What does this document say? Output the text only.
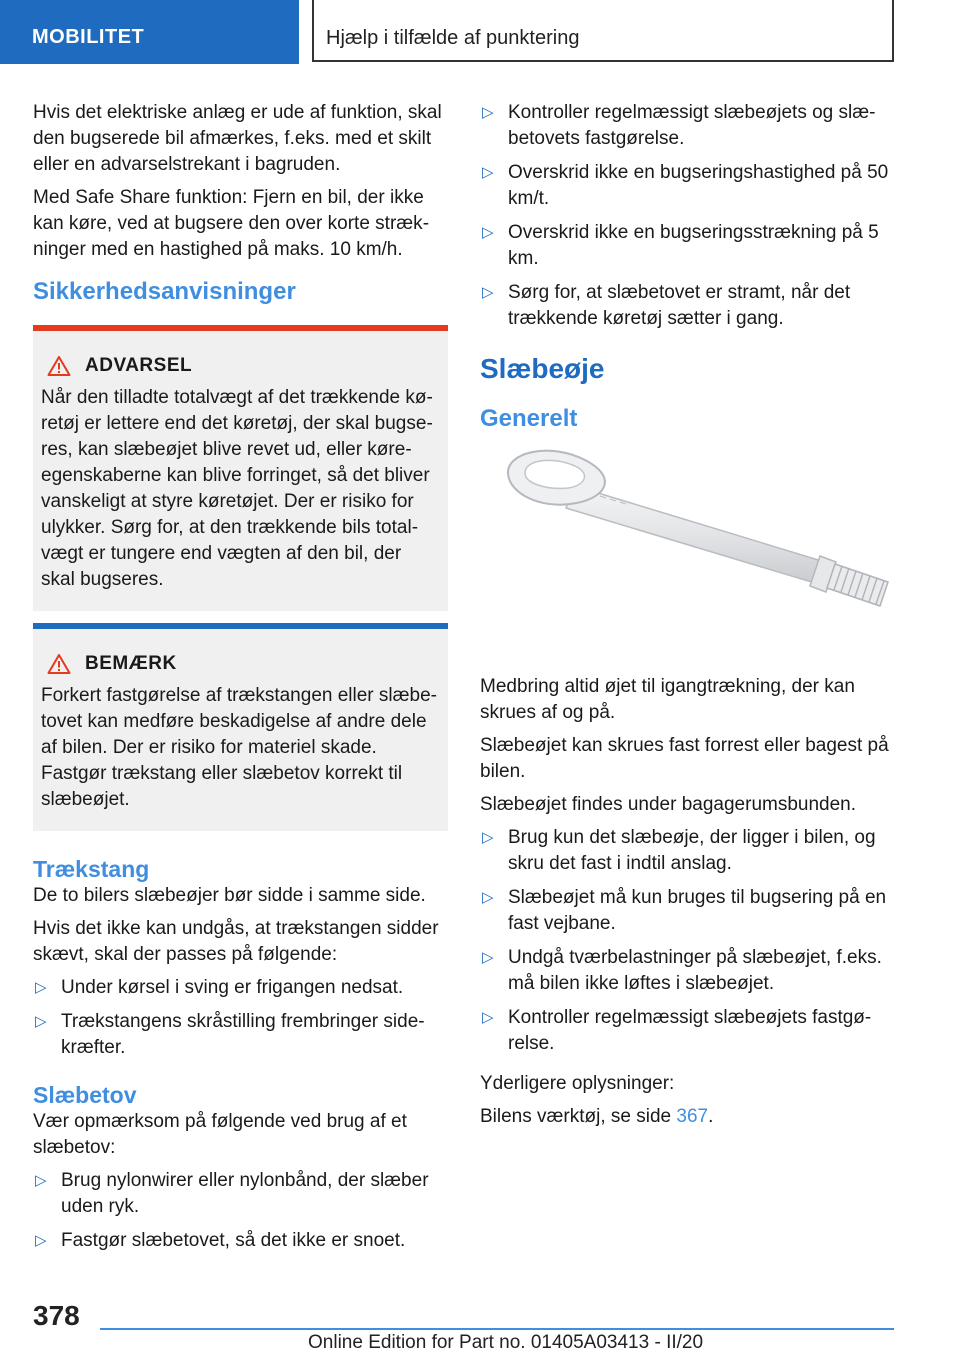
MOBILITET	Hjælp i tilfælde af punktering

Hvis det elektriske anlæg er ude af funktion, skal den bugserede bil afmærkes, f.eks. med et skilt eller en advarselstrekant i bagruden.

Med Safe Share funktion: Fjern en bil, der ikke kan køre, ved at bugsere den over korte strækninger med en hastighed på maks. 10 km/h.

Sikkerhedsanvisninger
ADVARSEL

Når den tilladte totalvægt af det trækkende køretøj er lettere end det køretøj, der skal bugseres, kan slæbeøjet blive revet ud, eller køreegenskaberne kan blive forringet, så det bliver vanskeligt at styre køretøjet. Der er risiko for ulykker. Sørg for, at den trækkende bils totalvægt er tungere end vægten af den bil, der skal bugseres.

BEMÆRK

Forkert fastgørelse af trækstangen eller slæbetovet kan medføre beskadigelse af andre dele af bilen. Der er risiko for materiel skade. Fastgør trækstang eller slæbetov korrekt til slæbeøjet.

Trækstang

De to bilers slæbeøjer bør sidde i samme side.

Hvis det ikke kan undgås, at trækstangen sidder skævt, skal der passes på følgende:

▷ Under kørsel i sving er frigangen nedsat.
▷ Trækstangens skråstilling frembringer sidekræfter.
Slæbetov

Vær opmærksom på følgende ved brug af et slæbetov:

▷ Brug nylonwirer eller nylonbånd, der slæber uden ryk.
▷ Fastgør slæbetovet, så det ikke er snoet.
▷ Kontroller regelmæssigt slæbeøjets og slæbetovets fastgørelse.
▷ Overskrid ikke en bugseringshastighed på 50 km/t.
▷ Overskrid ikke en bugseringsstrækning på 5 km.
▷ Sørg for, at slæbetovet er stramt, når det trækkende køretøj sætter i gang.
Slæbeøje
Generelt

Medbring altid øjet til igangtrækning, der kan skrues af og på.

Slæbeøjet kan skrues fast forrest eller bagest på bilen.

Slæbeøjet findes under bagagerumsbunden.

▷ Brug kun det slæbeøje, der ligger i bilen, og skru det fast i indtil anslag.
▷ Slæbeøjet må kun bruges til bugsering på en fast vejbane.
▷ Undgå tværbelastninger på slæbeøjet, f.eks. må bilen ikke løftes i slæbeøjet.
▷ Kontroller regelmæssigt slæbeøjets fastgørelse.

Yderligere oplysninger:

Bilens værktøj, se side 367.

378
Online Edition for Part no. 01405A03413 - II/20
